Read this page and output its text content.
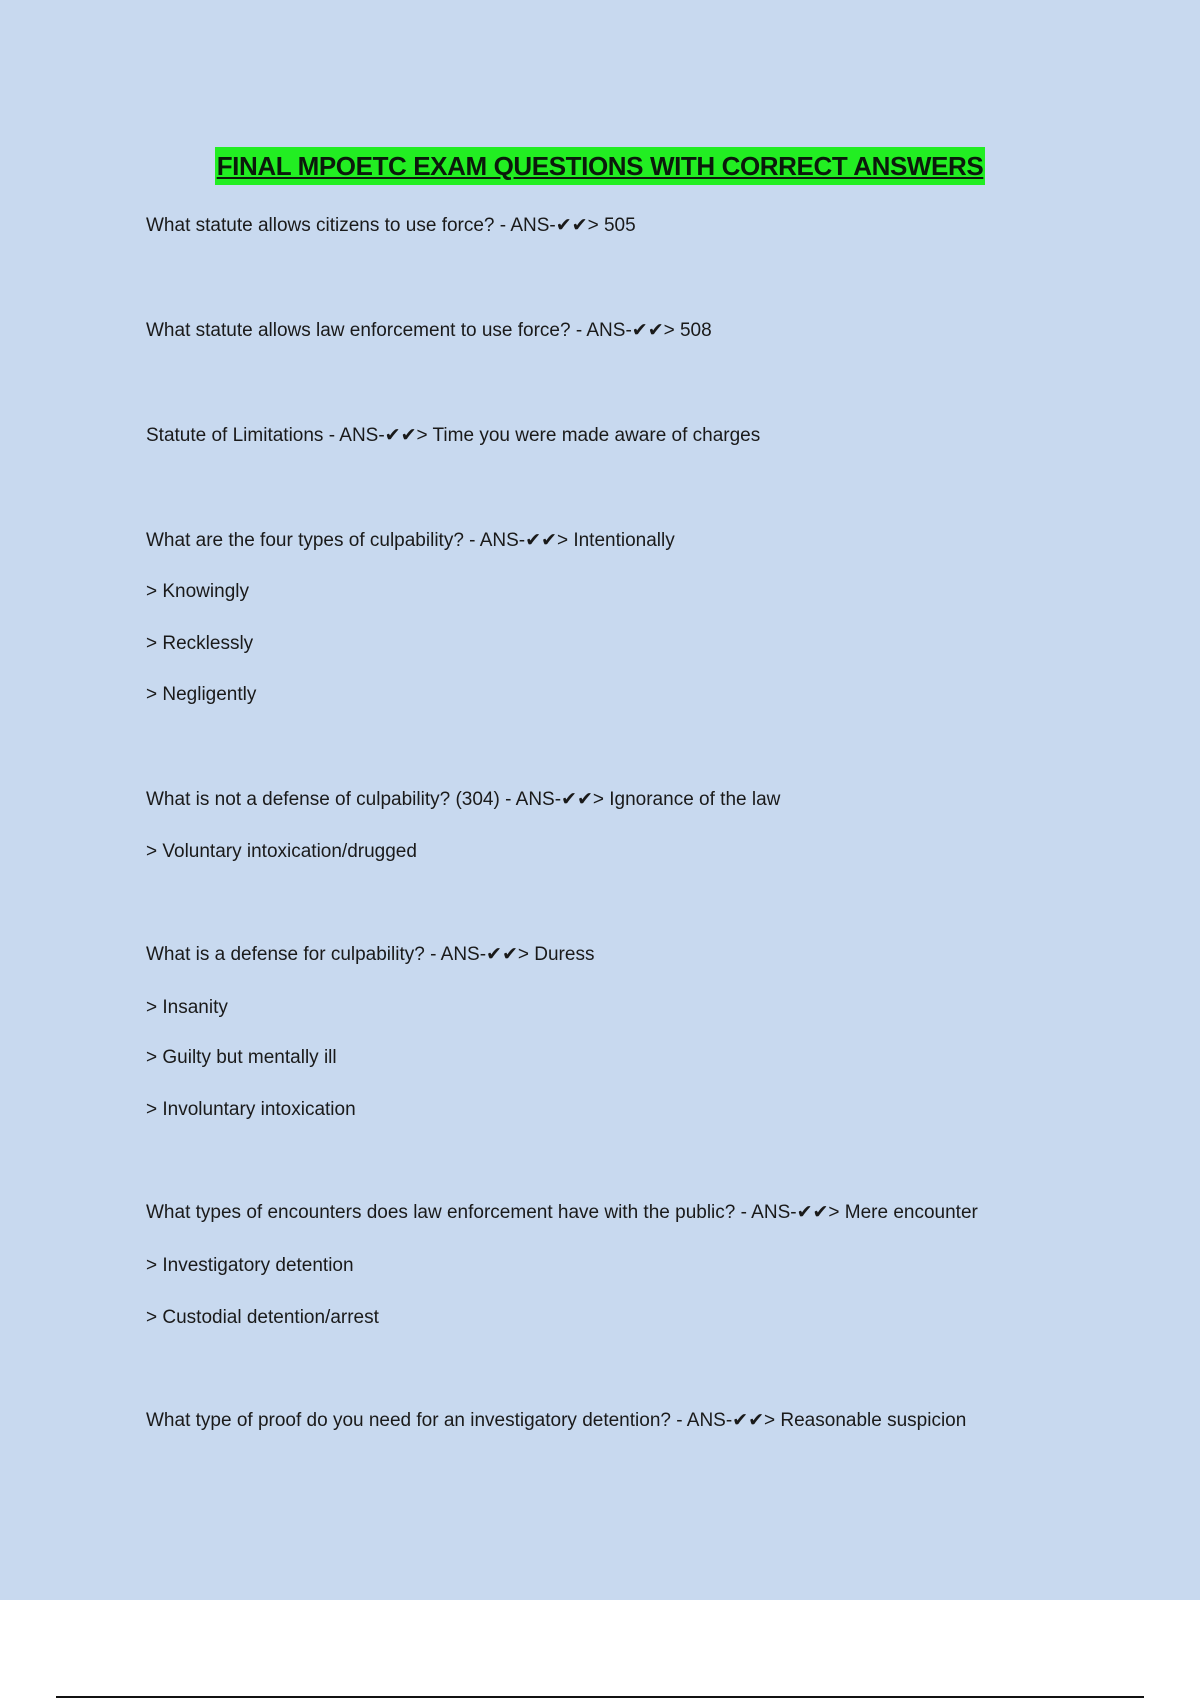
FINAL MPOETC EXAM QUESTIONS WITH CORRECT ANSWERS
What statute allows citizens to use force? - ANS-✔✔> 505
What statute allows law enforcement to use force? - ANS-✔✔> 508
Statute of Limitations - ANS-✔✔> Time you were made aware of charges
What are the four types of culpability? - ANS-✔✔> Intentionally
> Knowingly
> Recklessly
> Negligently
What is not a defense of culpability? (304) - ANS-✔✔> Ignorance of the law
> Voluntary intoxication/drugged
What is a defense for culpability? - ANS-✔✔> Duress
> Insanity
> Guilty but mentally ill
> Involuntary intoxication
What types of encounters does law enforcement have with the public? - ANS-✔✔> Mere encounter
> Investigatory detention
> Custodial detention/arrest
What type of proof do you need for an investigatory detention? - ANS-✔✔> Reasonable suspicion
